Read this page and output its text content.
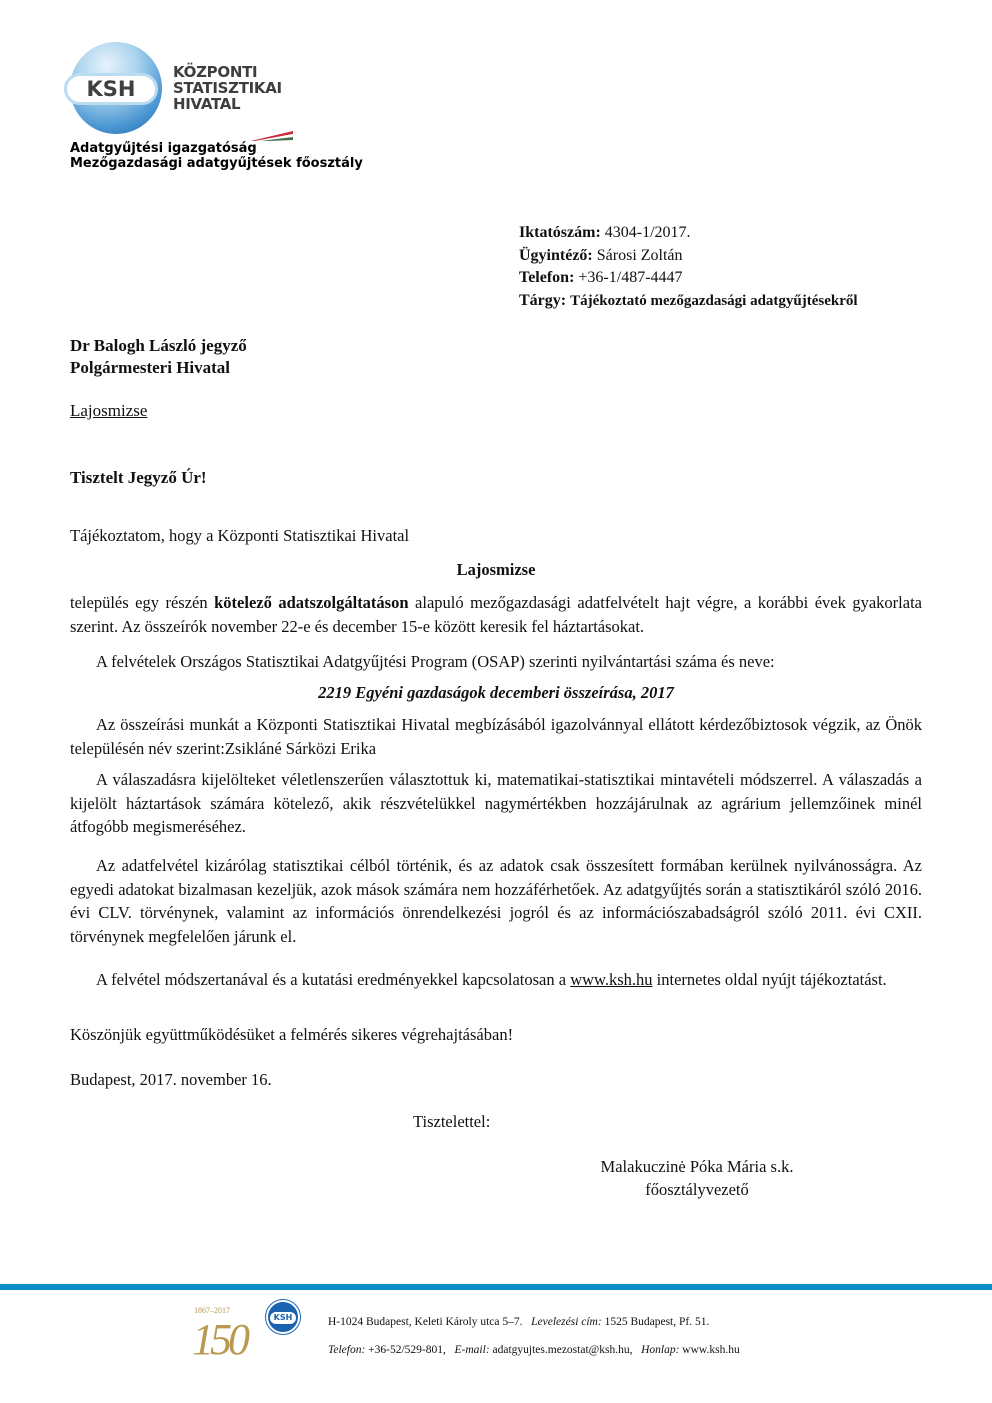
KSH
KÖZPONTI
STATISZTIKAI
HIVATAL
Adatgyűjtési igazgatóság
Mezőgazdasági adatgyűjtések főosztály
Iktatószám: 4304-1/2017.
Ügyintéző: Sárosi Zoltán
Telefon: +36-1/487-4447
Tárgy: Tájékoztató mezőgazdasági adatgyűjtésekről
Dr Balogh László jegyző
Polgármesteri Hivatal
Lajosmizse
Tisztelt Jegyző Úr!
Tájékoztatom, hogy a Központi Statisztikai Hivatal
Lajosmizse
település egy részén kötelező adatszolgáltatáson alapuló mezőgazdasági adatfelvételt hajt végre, a korábbi évek gyakorlata szerint. Az összeírók november 22-e és december 15-e között keresik fel háztartásokat.
A felvételek Országos Statisztikai Adatgyűjtési Program (OSAP) szerinti nyilvántartási száma és neve:
2219 Egyéni gazdaságok decemberi összeírása, 2017
Az összeírási munkát a Központi Statisztikai Hivatal megbízásából igazolvánnyal ellátott kérdezőbiztosok végzik, az Önök településén név szerint:Zsikláné Sárközi Erika
A válaszadásra kijelölteket véletlenszerűen választottuk ki, matematikai-statisztikai mintavételi módszerrel. A válaszadás a kijelölt háztartások számára kötelező, akik részvételükkel nagymértékben hozzájárulnak az agrárium jellemzőinek minél átfogóbb megismeréséhez.
Az adatfelvétel kizárólag statisztikai célból történik, és az adatok csak összesített formában kerülnek nyilvánosságra. Az egyedi adatokat bizalmasan kezeljük, azok mások számára nem hozzáférhetőek. Az adatgyűjtés során a statisztikáról szóló 2016. évi CLV. törvénynek, valamint az információs önrendelkezési jogról és az információszabadságról szóló 2011. évi CXII. törvénynek megfelelően járunk el.
A felvétel módszertanával és a kutatási eredményekkel kapcsolatosan a www.ksh.hu internetes oldal nyújt tájékoztatást.
Köszönjük együttműködésüket a felmérés sikeres végrehajtásában!
Budapest, 2017. november 16.
Tisztelettel:
Malakuczinė Póka Mária s.k.
főosztályvezető
1867–2017
150	KSH	H-1024 Budapest, Keleti Károly utca 5–7. Levelezési cím: 1525 Budapest, Pf. 51.
Telefon: +36-52/529-801, E-mail: adatgyujtes.mezostat@ksh.hu, Honlap: www.ksh.hu
